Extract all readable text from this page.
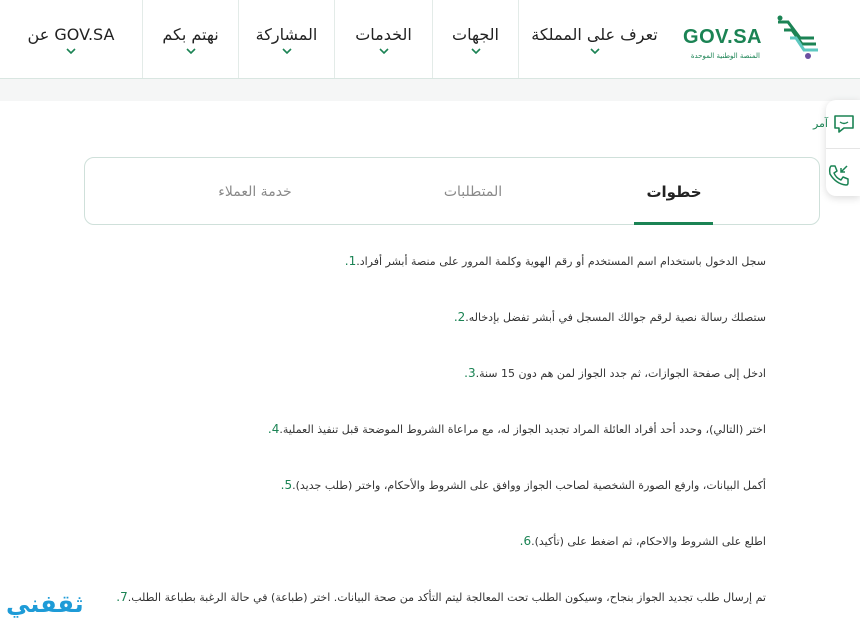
GOV.SA
المنصة الوطنية الموحدة
تعرف على المملكة
الجهات
الخدمات
المشاركة
نهتم بكم
عن GOV.SA
آمر
خطوات
المتطلبات
خدمة العملاء
1. سجل الدخول باستخدام اسم المستخدم أو رقم الهوية وكلمة المرور على منصة أبشر أفراد.
2. ستصلك رسالة نصية لرقم جوالك المسجل في أبشر تفضل بإدخاله.
3. ادخل إلى صفحة الجوازات، ثم جدد الجواز لمن هم دون 15 سنة.
4. اختر (التالي)، وحدد أحد أفراد العائلة المراد تجديد الجواز له، مع مراعاة الشروط الموضحة قبل تنفيذ العملية.
5. أكمل البيانات، وارفع الصورة الشخصية لصاحب الجواز ووافق على الشروط والأحكام، واختر (طلب جديد).
6. اطلع على الشروط والاحكام، ثم اضغط على (تأكيد).
7. تم إرسال طلب تجديد الجواز بنجاح، وسيكون الطلب تحت المعالجة ليتم التأكد من صحة البيانات. اختر (طباعة) في حالة الرغبة بطباعة الطلب.
ثقفني
